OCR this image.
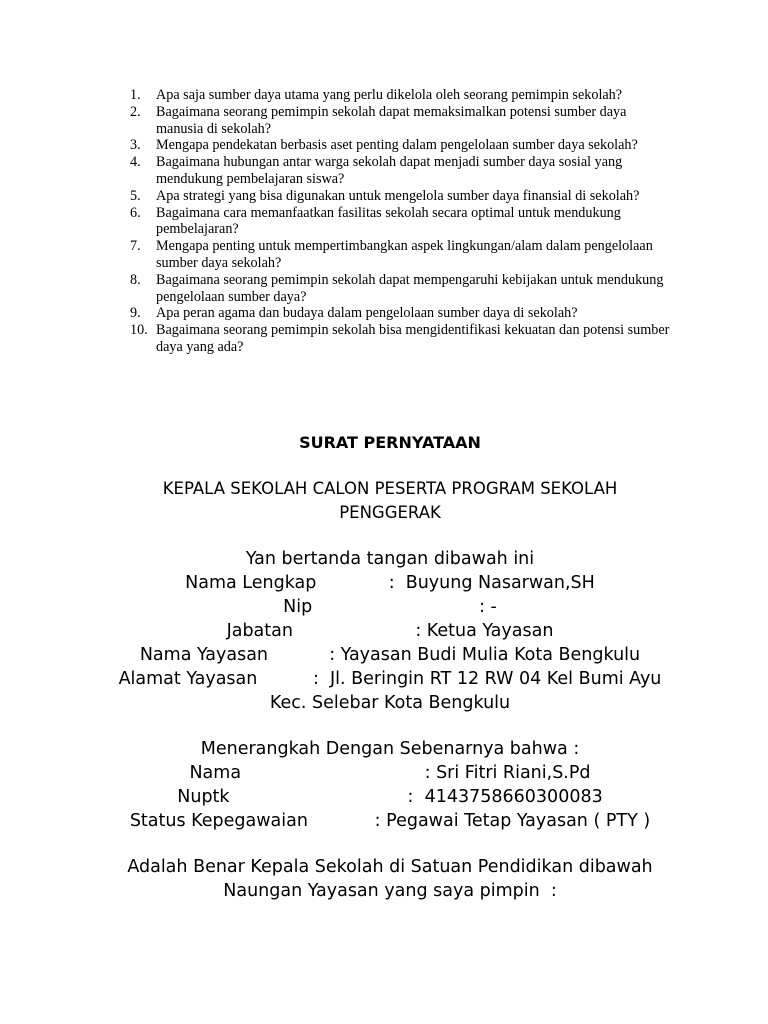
1.	Apa saja sumber daya utama yang perlu dikelola oleh seorang pemimpin sekolah?
2.	Bagaimana seorang pemimpin sekolah dapat memaksimalkan potensi sumber daya manusia di sekolah?
3.	Mengapa pendekatan berbasis aset penting dalam pengelolaan sumber daya sekolah?
4.	Bagaimana hubungan antar warga sekolah dapat menjadi sumber daya sosial yang mendukung pembelajaran siswa?
5.	Apa strategi yang bisa digunakan untuk mengelola sumber daya finansial di sekolah?
6.	Bagaimana cara memanfaatkan fasilitas sekolah secara optimal untuk mendukung pembelajaran?
7.	Mengapa penting untuk mempertimbangkan aspek lingkungan/alam dalam pengelolaan sumber daya sekolah?
8.	Bagaimana seorang pemimpin sekolah dapat mempengaruhi kebijakan untuk mendukung pengelolaan sumber daya?
9.	Apa peran agama dan budaya dalam pengelolaan sumber daya di sekolah?
10. Bagaimana seorang pemimpin sekolah bisa mengidentifikasi kekuatan dan potensi sumber daya yang ada?
SURAT PERNYATAAN
KEPALA SEKOLAH CALON PESERTA PROGRAM SEKOLAH
PENGGERAK
Yan bertanda tangan dibawah ini
Nama Lengkap             :  Buyung Nasarwan,SH
Nip                              : -
Jabatan                      : Ketua Yayasan
Nama Yayasan           : Yayasan Budi Mulia Kota Bengkulu
Alamat Yayasan          :  Jl. Beringin RT 12 RW 04 Kel Bumi Ayu
Kec. Selebar Kota Bengkulu
Menerangkah Dengan Sebenarnya bahwa :
Nama                                 : Sri Fitri Riani,S.Pd
Nuptk                                :  4143758660300083
Status Kepegawaian            : Pegawai Tetap Yayasan ( PTY )
Adalah Benar Kepala Sekolah di Satuan Pendidikan dibawah
Naungan Yayasan yang saya pimpin  :
